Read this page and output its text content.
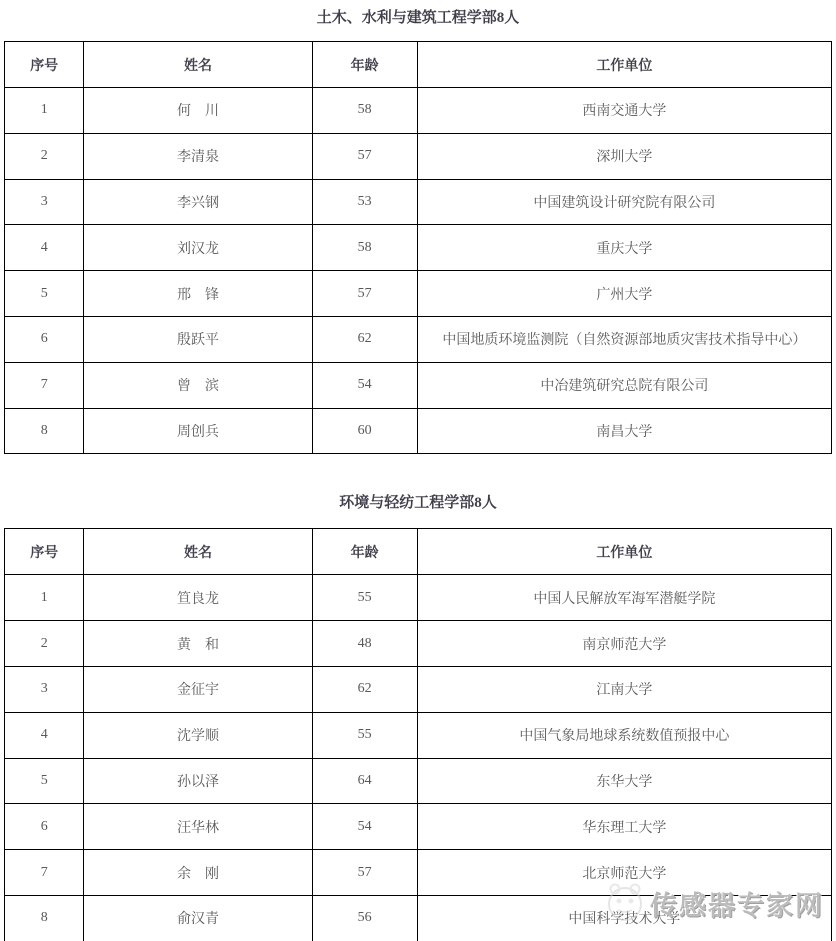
土木、水利与建筑工程学部8人
序号	姓名	年龄	工作单位
1	何　川	58	西南交通大学
2	李清泉	57	深圳大学
3	李兴钢	53	中国建筑设计研究院有限公司
4	刘汉龙	58	重庆大学
5	邢　锋	57	广州大学
6	殷跃平	62	中国地质环境监测院（自然资源部地质灾害技术指导中心）
7	曾　滨	54	中冶建筑研究总院有限公司
8	周创兵	60	南昌大学
环境与轻纺工程学部8人
序号	姓名	年龄	工作单位
1	笪良龙	55	中国人民解放军海军潜艇学院
2	黄　和	48	南京师范大学
3	金征宇	62	江南大学
4	沈学顺	55	中国气象局地球系统数值预报中心
5	孙以泽	64	东华大学
6	汪华林	54	华东理工大学
7	余　刚	57	北京师范大学
8	俞汉青	56	中国科学技术大学
传感器专家网
